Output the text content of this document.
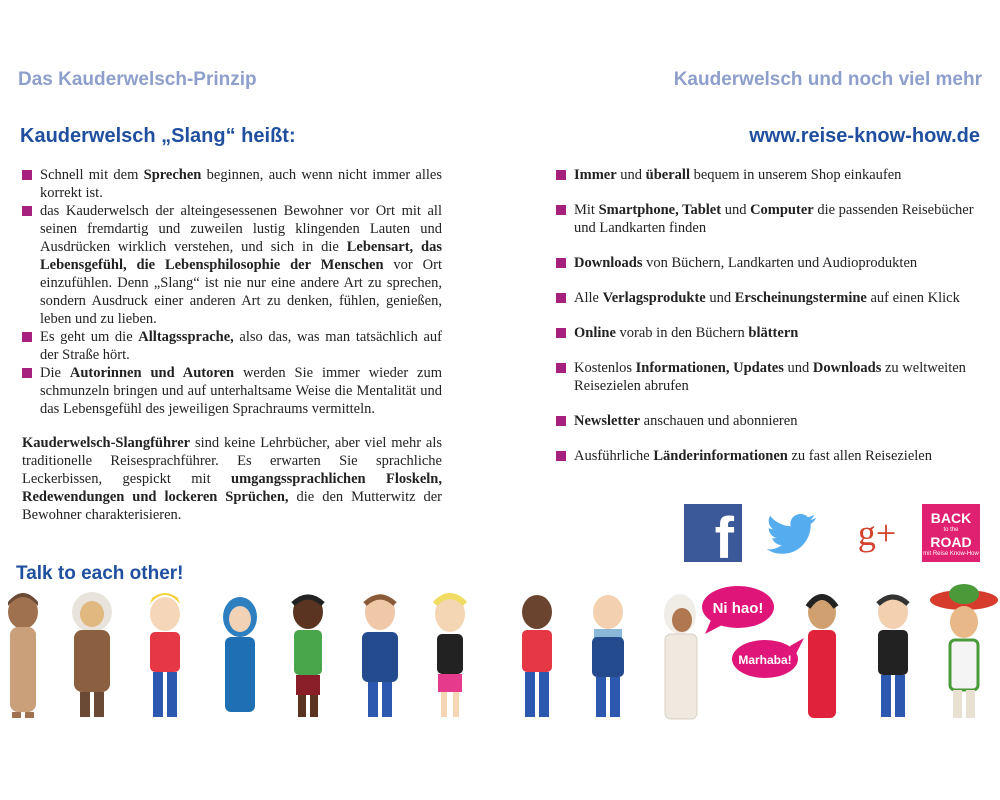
Das Kauderwelsch-Prinzip	Kauderwelsch und noch viel mehr
Kauderwelsch „Slang“ heißt:	www.reise-know-how.de
Schnell mit dem Sprechen beginnen, auch wenn nicht immer alles korrekt ist.
das Kauderwelsch der alteingesessenen Bewohner vor Ort mit all seinen fremdartig und zuweilen lustig klingenden Lauten und Ausdrücken wirklich verstehen, und sich in die Lebensart, das Lebensgefühl, die Lebensphilosophie der Menschen vor Ort einzufühlen. Denn „Slang“ ist nie nur eine andere Art zu sprechen, sondern Ausdruck einer anderen Art zu denken, fühlen, genießen, leben und zu lieben.
Es geht um die Alltagssprache, also das, was man tatsächlich auf der Straße hört.
Die Autorinnen und Autoren werden Sie immer wieder zum schmunzeln bringen und auf unterhaltsame Weise die Mentalität und das Lebensgefühl des jeweiligen Sprachraums vermitteln.

Kauderwelsch-Slangführer sind keine Lehrbücher, aber viel mehr als traditionelle Reisesprachführer. Es erwarten Sie sprachliche Leckerbissen, gespickt mit umgangssprachlichen Floskeln, Redewendungen und lockeren Sprüchen, die den Mutterwitz der Bewohner charakterisieren.

Immer und überall bequem in unserem Shop einkaufen
Mit Smartphone, Tablet und Computer die passenden Reisebücher und Landkarten finden
Downloads von Büchern, Landkarten und Audioprodukten
Alle Verlagsprodukte und Erscheinungstermine auf einen Klick
Online vorab in den Büchern blättern
Kostenlos Informationen, Updates und Downloads zu weltweiten Reisezielen abrufen
Newsletter anschauen und abonnieren
Ausführliche Länderinformationen zu fast allen Reisezielen
f	g+	BACK
to the
ROAD
mit Reise Know-How
Talk to each other!
Ni hao!
Marhaba!
